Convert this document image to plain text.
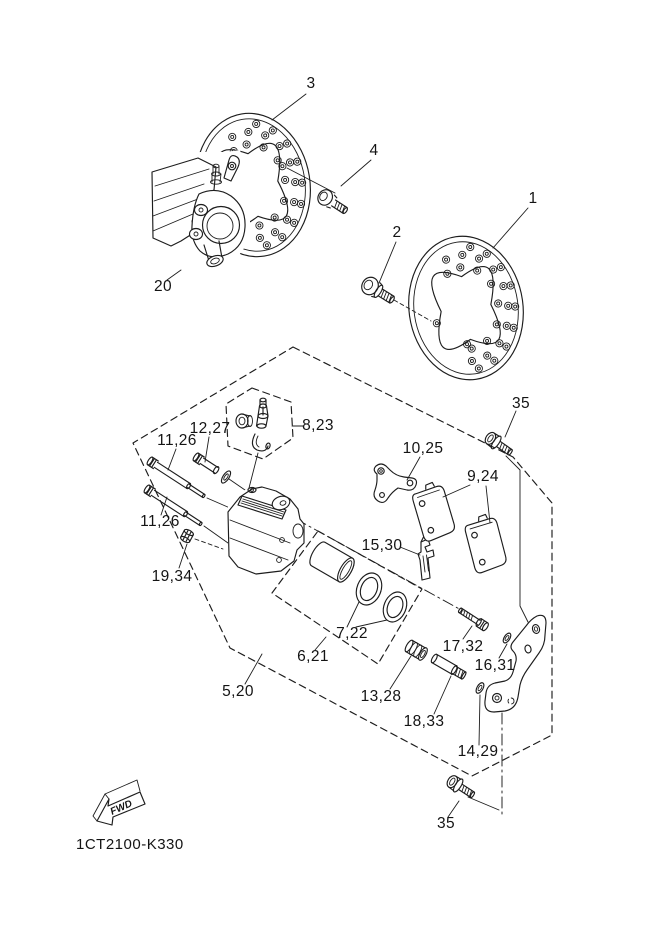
FWD
3
4
1
2
20
12,27
11,26
8,23
10,25
9,24
35
11,26
19,34
15,30
7,22
6,21
5,20
17,32
16,31
13,28
18,33
14,29
35
1CT2100-K330
